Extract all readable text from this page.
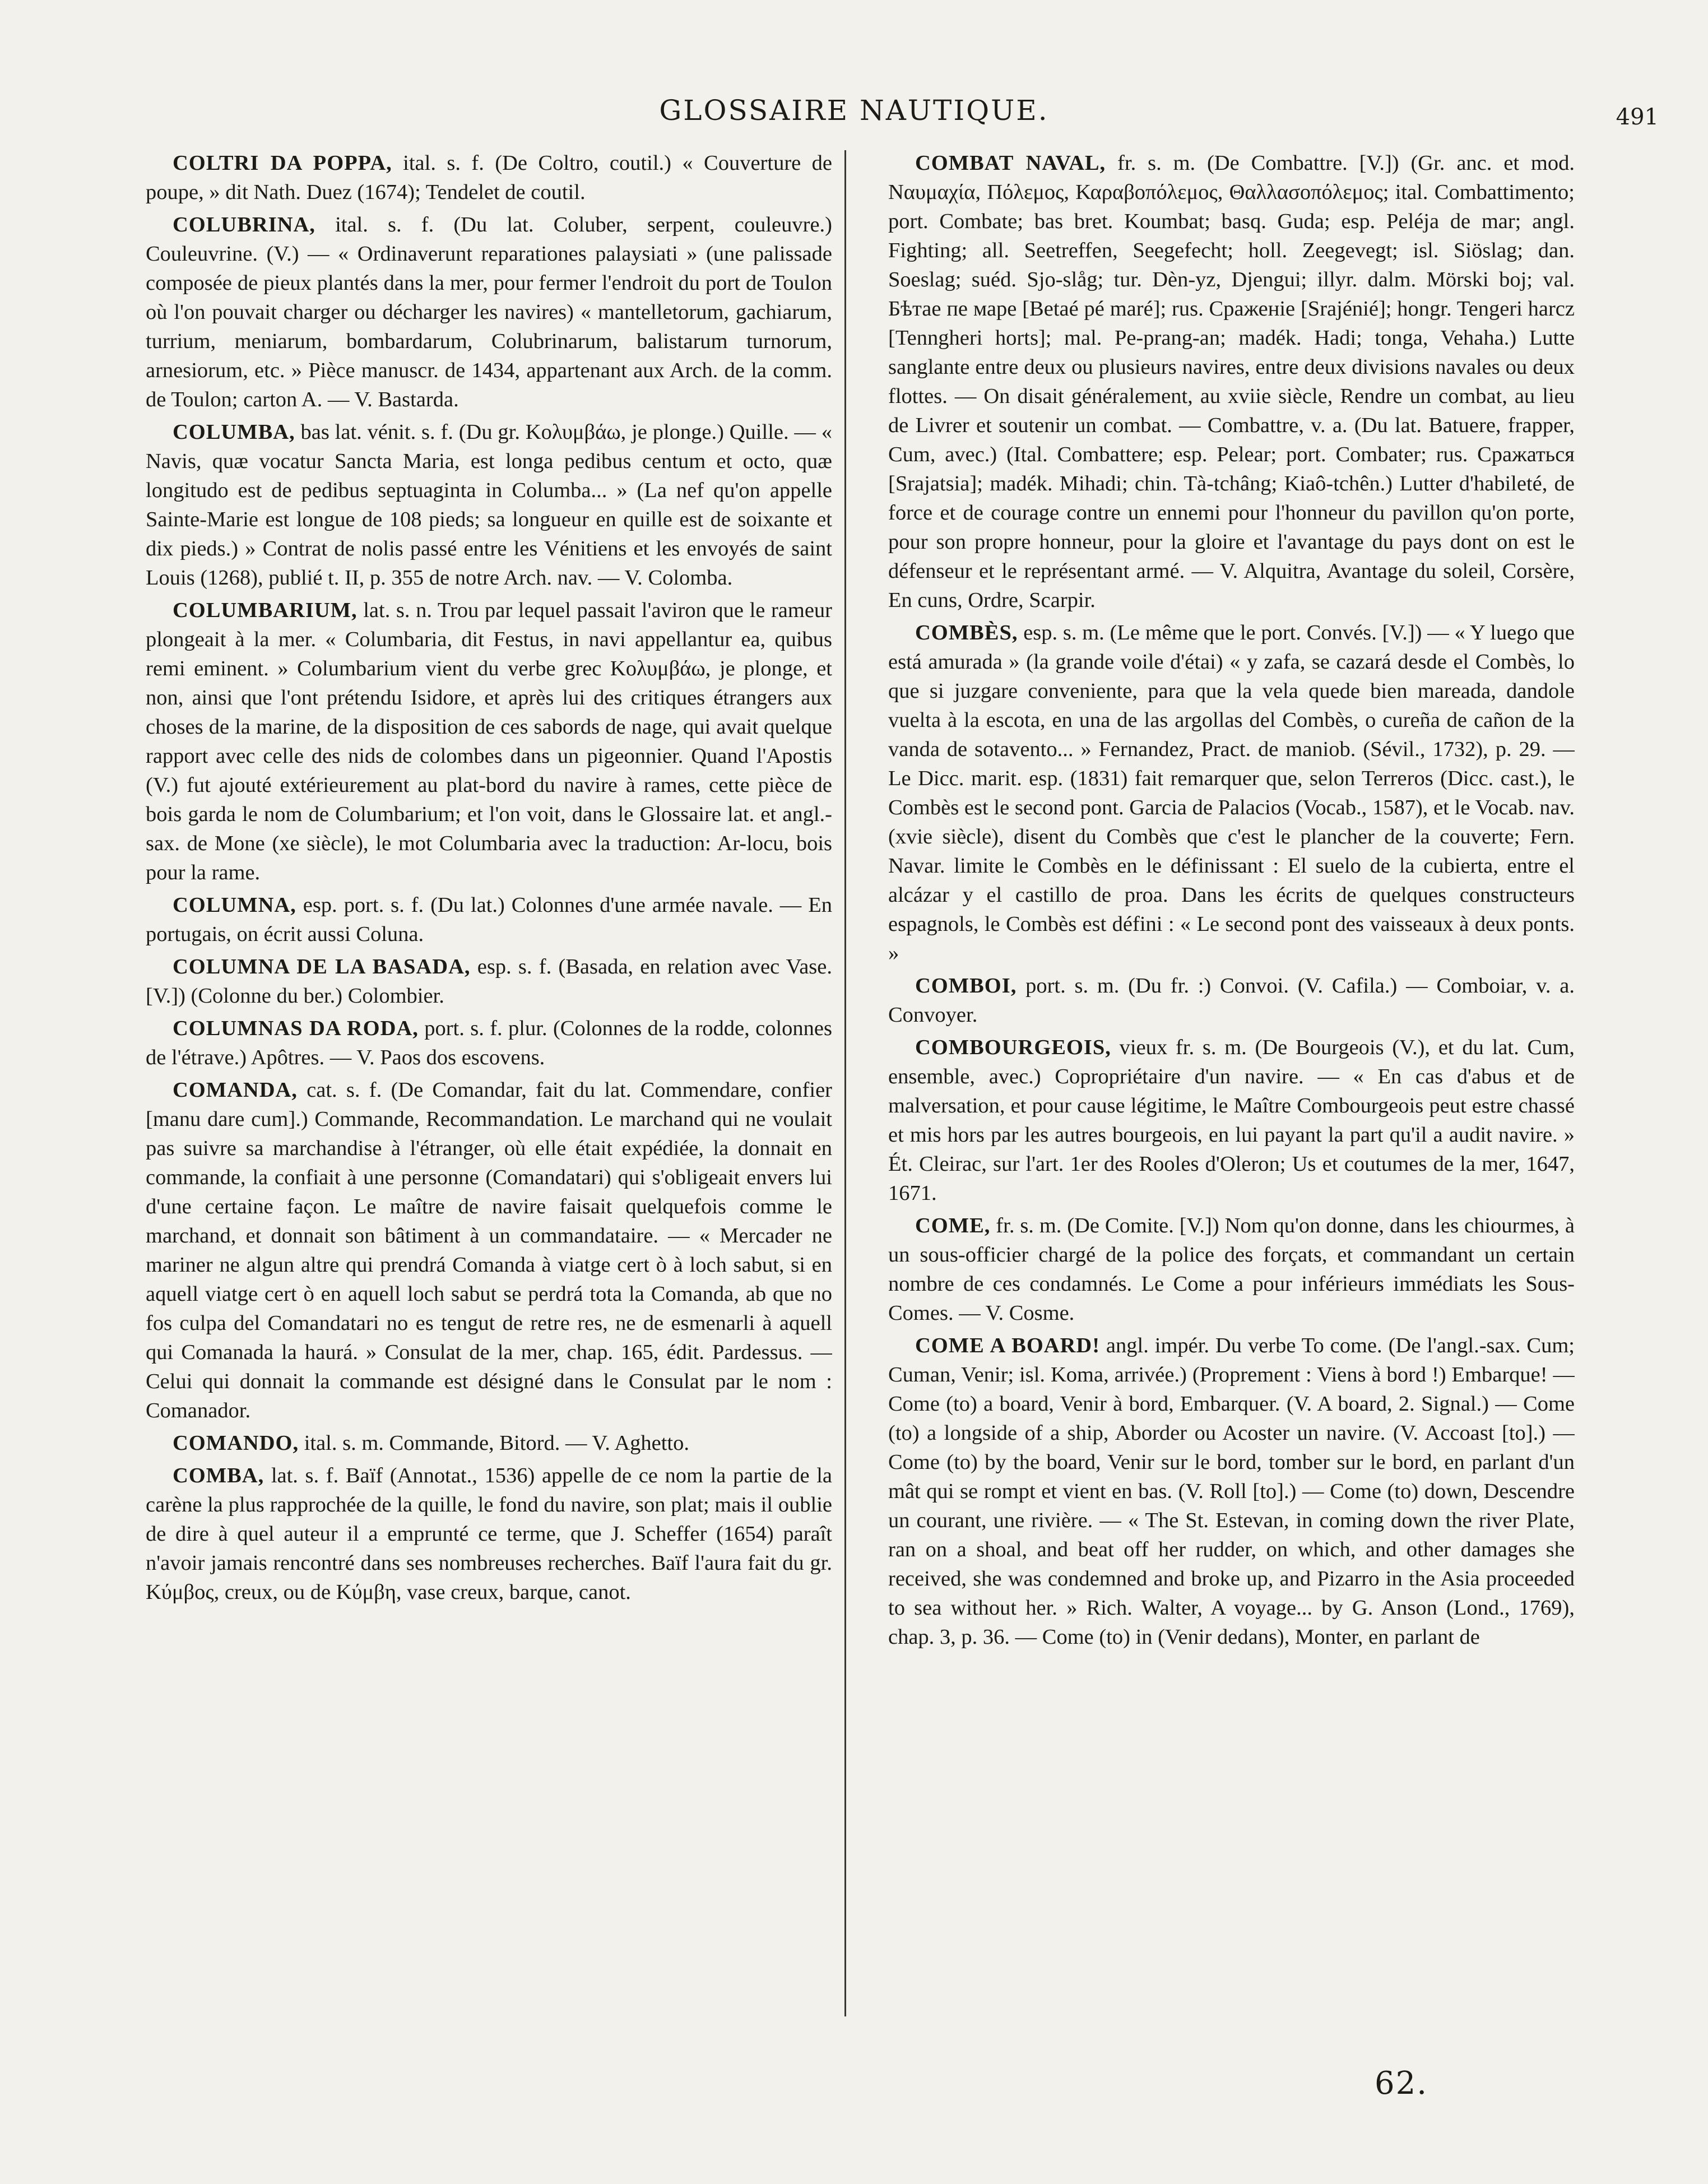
GLOSSAIRE NAUTIQUE.	491

COLTRI DA POPPA, ital. s. f. (De Coltro, coutil.) « Couverture de poupe, » dit Nath. Duez (1674); Tendelet de coutil.

COLUBRINA, ital. s. f. (Du lat. Coluber, serpent, couleuvre.) Couleuvrine. (V.) — « Ordinaverunt reparationes palaysiati » (une palissade composée de pieux plantés dans la mer, pour fermer l'endroit du port de Toulon où l'on pouvait charger ou décharger les navires) « mantelletorum, gachiarum, turrium, meniarum, bombardarum, Colubrinarum, balistarum turnorum, arnesiorum, etc. » Pièce manuscr. de 1434, appartenant aux Arch. de la comm. de Toulon; carton A. — V. Bastarda.

COLUMBA, bas lat. vénit. s. f. (Du gr. Κολυμβάω, je plonge.) Quille. — « Navis, quæ vocatur Sancta Maria, est longa pedibus centum et octo, quæ longitudo est de pedibus septuaginta in Columba... » (La nef qu'on appelle Sainte-Marie est longue de 108 pieds; sa longueur en quille est de soixante et dix pieds.) » Contrat de nolis passé entre les Vénitiens et les envoyés de saint Louis (1268), publié t. II, p. 355 de notre Arch. nav. — V. Colomba.

COLUMBARIUM, lat. s. n. Trou par lequel passait l'aviron que le rameur plongeait à la mer. « Columbaria, dit Festus, in navi appellantur ea, quibus remi eminent. » Columbarium vient du verbe grec Κολυμβάω, je plonge, et non, ainsi que l'ont prétendu Isidore, et après lui des critiques étrangers aux choses de la marine, de la disposition de ces sabords de nage, qui avait quelque rapport avec celle des nids de colombes dans un pigeonnier. Quand l'Apostis (V.) fut ajouté extérieurement au plat-bord du navire à rames, cette pièce de bois garda le nom de Columbarium; et l'on voit, dans le Glossaire lat. et angl.-sax. de Mone (xe siècle), le mot Columbaria avec la traduction: Ar-locu, bois pour la rame.

COLUMNA, esp. port. s. f. (Du lat.) Colonnes d'une armée navale. — En portugais, on écrit aussi Coluna.

COLUMNA DE LA BASADA, esp. s. f. (Basada, en relation avec Vase. [V.]) (Colonne du ber.) Colombier.

COLUMNAS DA RODA, port. s. f. plur. (Colonnes de la rodde, colonnes de l'étrave.) Apôtres. — V. Paos dos escovens.

COMANDA, cat. s. f. (De Comandar, fait du lat. Commendare, confier [manu dare cum].) Commande, Recommandation. Le marchand qui ne voulait pas suivre sa marchandise à l'étranger, où elle était expédiée, la donnait en commande, la confiait à une personne (Comandatari) qui s'obligeait envers lui d'une certaine façon. Le maître de navire faisait quelquefois comme le marchand, et donnait son bâtiment à un commandataire. — « Mercader ne mariner ne algun altre qui prendrá Comanda à viatge cert ò à loch sabut, si en aquell viatge cert ò en aquell loch sabut se perdrá tota la Comanda, ab que no fos culpa del Comandatari no es tengut de retre res, ne de esmenarli à aquell qui Comanada la haurá. » Consulat de la mer, chap. 165, édit. Pardessus. — Celui qui donnait la commande est désigné dans le Consulat par le nom : Comanador.

COMANDO, ital. s. m. Commande, Bitord. — V. Aghetto.

COMBA, lat. s. f. Baïf (Annotat., 1536) appelle de ce nom la partie de la carène la plus rapprochée de la quille, le fond du navire, son plat; mais il oublie de dire à quel auteur il a emprunté ce terme, que J. Scheffer (1654) paraît n'avoir jamais rencontré dans ses nombreuses recherches. Baïf l'aura fait du gr. Κύμβος, creux, ou de Κύμβη, vase creux, barque, canot.

COMBAT NAVAL, fr. s. m. (De Combattre. [V.]) (Gr. anc. et mod. Ναυμαχία, Πόλεμος, Καραβοπόλεμος, Θαλλασοπόλεμος; ital. Combattimento; port. Combate; bas bret. Koumbat; basq. Guda; esp. Peléja de mar; angl. Fighting; all. Seetreffen, Seegefecht; holl. Zeegevegt; isl. Siöslag; dan. Soeslag; suéd. Sjo-slåg; tur. Dèn-yz, Djengui; illyr. dalm. Mörski boj; val. Бѣтае пе маре [Betaé pé maré]; rus. Сраженіе [Srajénié]; hongr. Tengeri harcz [Tenngheri horts]; mal. Pe-prang-an; madék. Hadi; tonga, Vehaha.) Lutte sanglante entre deux ou plusieurs navires, entre deux divisions navales ou deux flottes. — On disait généralement, au xviie siècle, Rendre un combat, au lieu de Livrer et soutenir un combat. — Combattre, v. a. (Du lat. Batuere, frapper, Cum, avec.) (Ital. Combattere; esp. Pelear; port. Combater; rus. Сражаться [Srajatsia]; madék. Mihadi; chin. Tà-tchâng; Kiaô-tchên.) Lutter d'habileté, de force et de courage contre un ennemi pour l'honneur du pavillon qu'on porte, pour son propre honneur, pour la gloire et l'avantage du pays dont on est le défenseur et le représentant armé. — V. Alquitra, Avantage du soleil, Corsère, En cuns, Ordre, Scarpir.

COMBÈS, esp. s. m. (Le même que le port. Convés. [V.]) — « Y luego que está amurada » (la grande voile d'étai) « y zafa, se cazará desde el Combès, lo que si juzgare conveniente, para que la vela quede bien mareada, dandole vuelta à la escota, en una de las argollas del Combès, o cureña de cañon de la vanda de sotavento... » Fernandez, Pract. de maniob. (Sévil., 1732), p. 29. — Le Dicc. marit. esp. (1831) fait remarquer que, selon Terreros (Dicc. cast.), le Combès est le second pont. Garcia de Palacios (Vocab., 1587), et le Vocab. nav. (xvie siècle), disent du Combès que c'est le plancher de la couverte; Fern. Navar. limite le Combès en le définissant : El suelo de la cubierta, entre el alcázar y el castillo de proa. Dans les écrits de quelques constructeurs espagnols, le Combès est défini : « Le second pont des vaisseaux à deux ponts. »

COMBOI, port. s. m. (Du fr. :) Convoi. (V. Cafila.) — Comboiar, v. a. Convoyer.

COMBOURGEOIS, vieux fr. s. m. (De Bourgeois (V.), et du lat. Cum, ensemble, avec.) Copropriétaire d'un navire. — « En cas d'abus et de malversation, et pour cause légitime, le Maître Combourgeois peut estre chassé et mis hors par les autres bourgeois, en lui payant la part qu'il a audit navire. » Ét. Cleirac, sur l'art. 1er des Rooles d'Oleron; Us et coutumes de la mer, 1647, 1671.

COME, fr. s. m. (De Comite. [V.]) Nom qu'on donne, dans les chiourmes, à un sous-officier chargé de la police des forçats, et commandant un certain nombre de ces condamnés. Le Come a pour inférieurs immédiats les Sous-Comes. — V. Cosme.

COME A BOARD! angl. impér. Du verbe To come. (De l'angl.-sax. Cum; Cuman, Venir; isl. Koma, arrivée.) (Proprement : Viens à bord !) Embarque! — Come (to) a board, Venir à bord, Embarquer. (V. A board, 2. Signal.) — Come (to) a longside of a ship, Aborder ou Acoster un navire. (V. Accoast [to].) — Come (to) by the board, Venir sur le bord, tomber sur le bord, en parlant d'un mât qui se rompt et vient en bas. (V. Roll [to].) — Come (to) down, Descendre un courant, une rivière. — « The St. Estevan, in coming down the river Plate, ran on a shoal, and beat off her rudder, on which, and other damages she received, she was condemned and broke up, and Pizarro in the Asia proceeded to sea without her. » Rich. Walter, A voyage... by G. Anson (Lond., 1769), chap. 3, p. 36. — Come (to) in (Venir dedans), Monter, en parlant de

62.
